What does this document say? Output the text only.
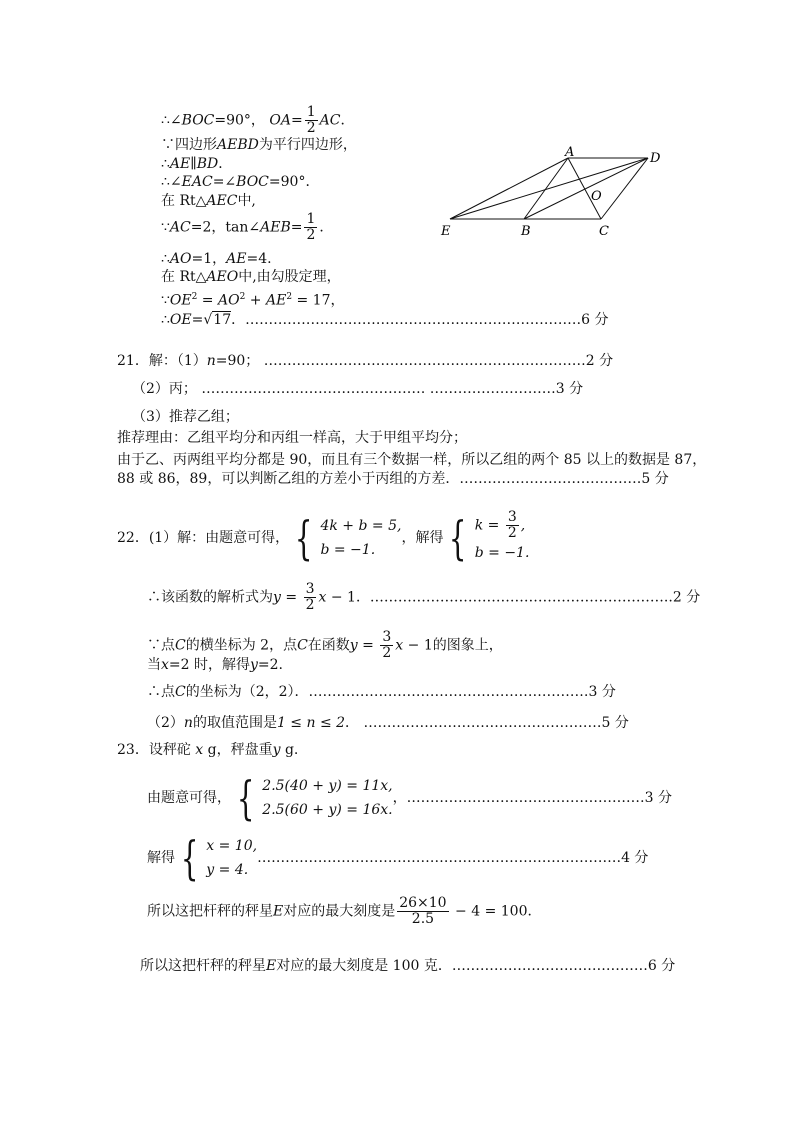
∴∠BOC=90°， $OA= \frac{1}{2}$ AC．
∵四边形AEBD为平行四边形，
∴AE∥BD．
∴∠EAC=∠BOC=90°．
在 Rt△AEC中,
∵AC=2，tan∠AEB= $\frac{1}{2}$ ．
∴AO=1，AE=4.
在 Rt△AEO中,由勾股定理，
$\because OE^2 = AO^2 + AE^2 = 17$，
∴OE=√17．………………………………………………………………6 分
A	D
O
E	B	C
21．解：（1）n=90； ……………………………………………………………2 分
（2）丙； ………………………………………… ………………………3 分
（3）推荐乙组；
推荐理由：乙组平均分和丙组一样高，大于甲组平均分；
由于乙、丙两组平均分都是 90，而且有三个数据一样，所以乙组的两个 85 以上的数据是 87，
88 或 86，89，可以判断乙组的方差小于丙组的方差．…………………………………5 分
22．(1）解：由题意可得， { 4k + b = 5,
b = −1.
，解得 { $k = \frac{3}{2}$ ,
b = −1.
∴该函数的解析式为$y = \frac{3}{2}$ x − 1．………………………………………………………..2 分
∵点C的横坐标为 2，点C在函数$y = \frac{3}{2}$ x − 1的图象上，
当x=2 时，解得y=2.
∴点C的坐标为（2，2）．……………………………………………………3 分
（2）n的取值范围是1 ≤ n ≤ 2． ……………………………………………5 分
23．设秤砣 x g，秤盘重y g.
由题意可得， { 2.5(40 + y) = 11x,
2.5(60 + y) = 16x.
，……………………………………………3 分
解得 { x = 10,
y = 4.
……………………………………………………………………4 分
所以这把杆秤的秤星E对应的最大刻度是 $\frac{26\times 10}{2.5} - 4 = 100$．
所以这把杆秤的秤星E对应的最大刻度是 100 克．……………………………………6 分
